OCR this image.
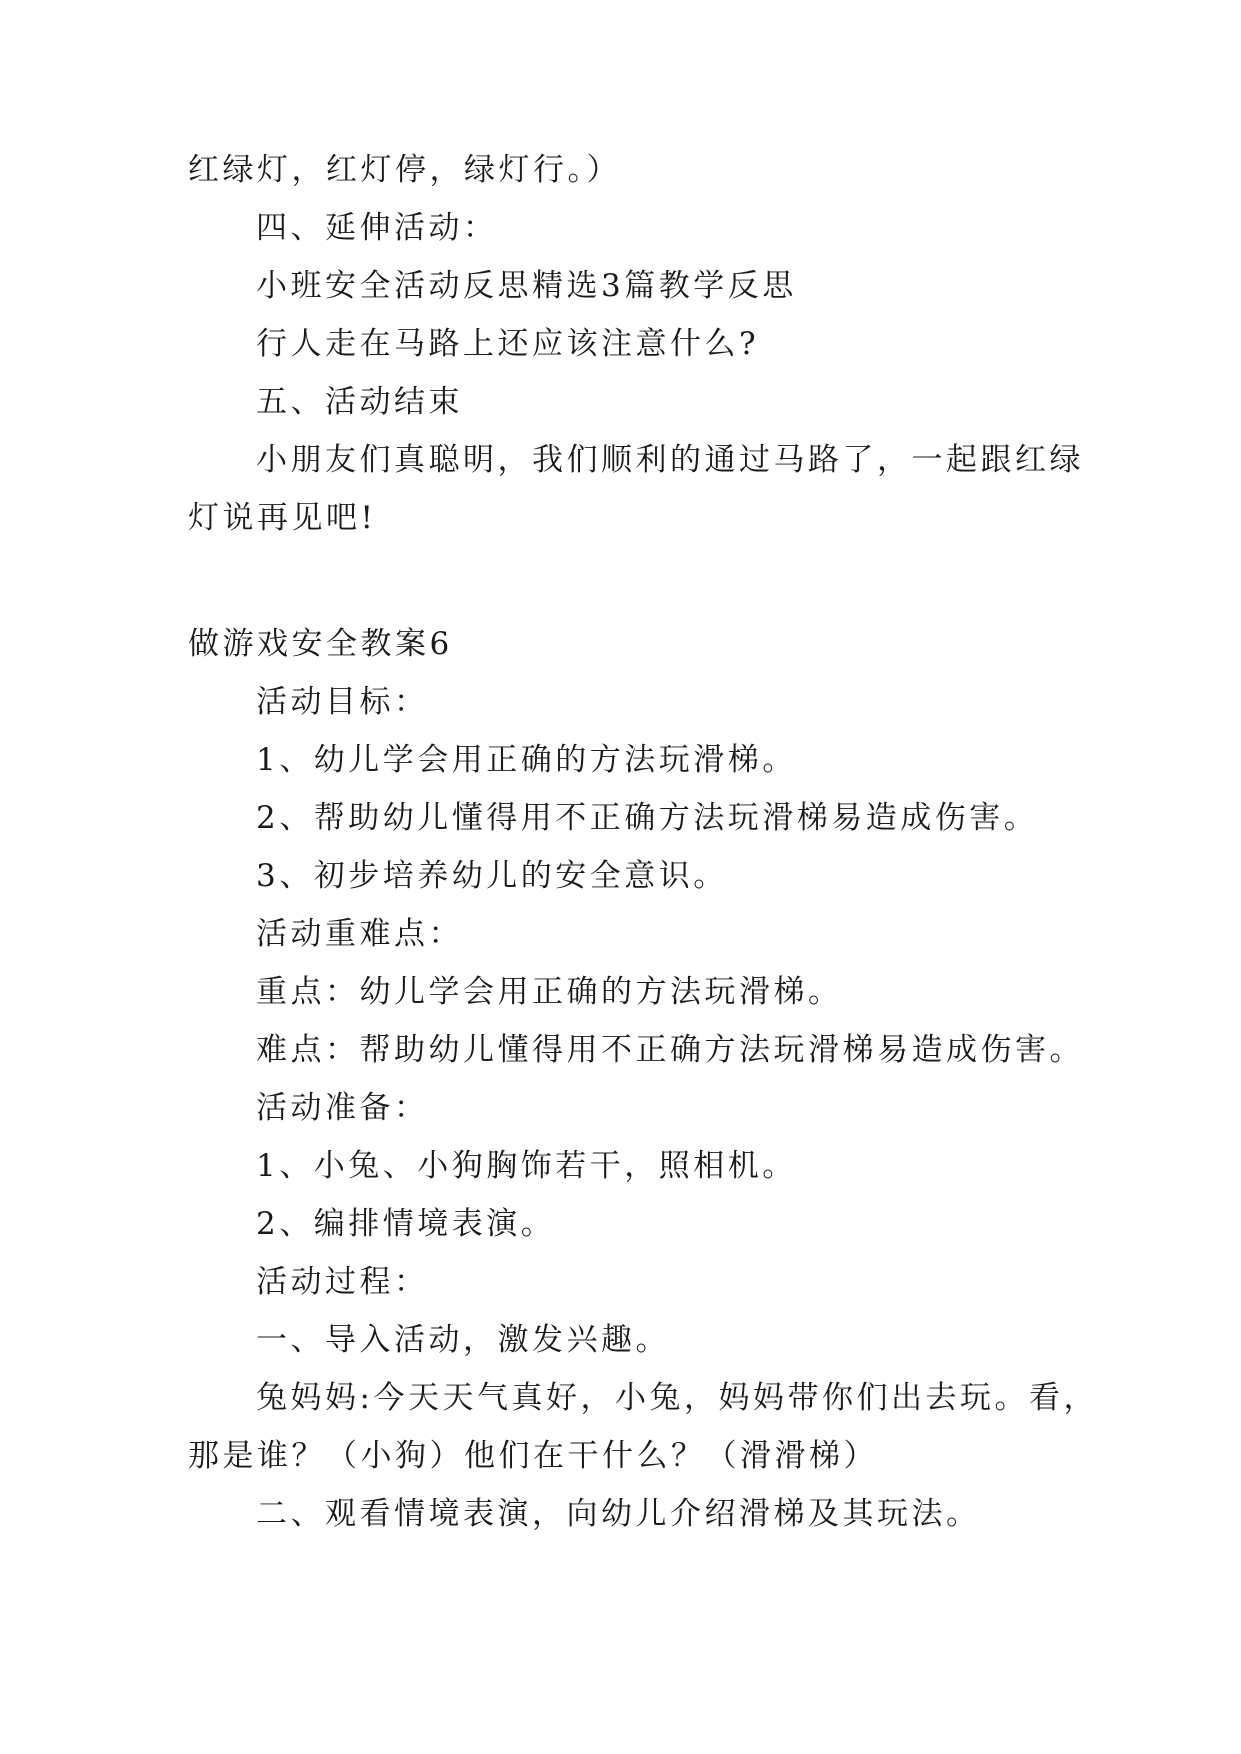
红绿灯，红灯停，绿灯行。）
四、延伸活动：
小班安全活动反思精选3篇教学反思
行人走在马路上还应该注意什么?
五、活动结束
小朋友们真聪明，我们顺利的通过马路了，一起跟红绿
灯说再见吧!
做游戏安全教案6
活动目标：
1、幼儿学会用正确的方法玩滑梯。
2、帮助幼儿懂得用不正确方法玩滑梯易造成伤害。
3、初步培养幼儿的安全意识。
活动重难点：
重点：幼儿学会用正确的方法玩滑梯。
难点：帮助幼儿懂得用不正确方法玩滑梯易造成伤害。
活动准备：
1、小兔、小狗胸饰若干，照相机。
2、编排情境表演。
活动过程：
一、导入活动，激发兴趣。
兔妈妈:今天天气真好，小兔，妈妈带你们出去玩。看，
那是谁？（小狗）他们在干什么？（滑滑梯）
二、观看情境表演，向幼儿介绍滑梯及其玩法。
